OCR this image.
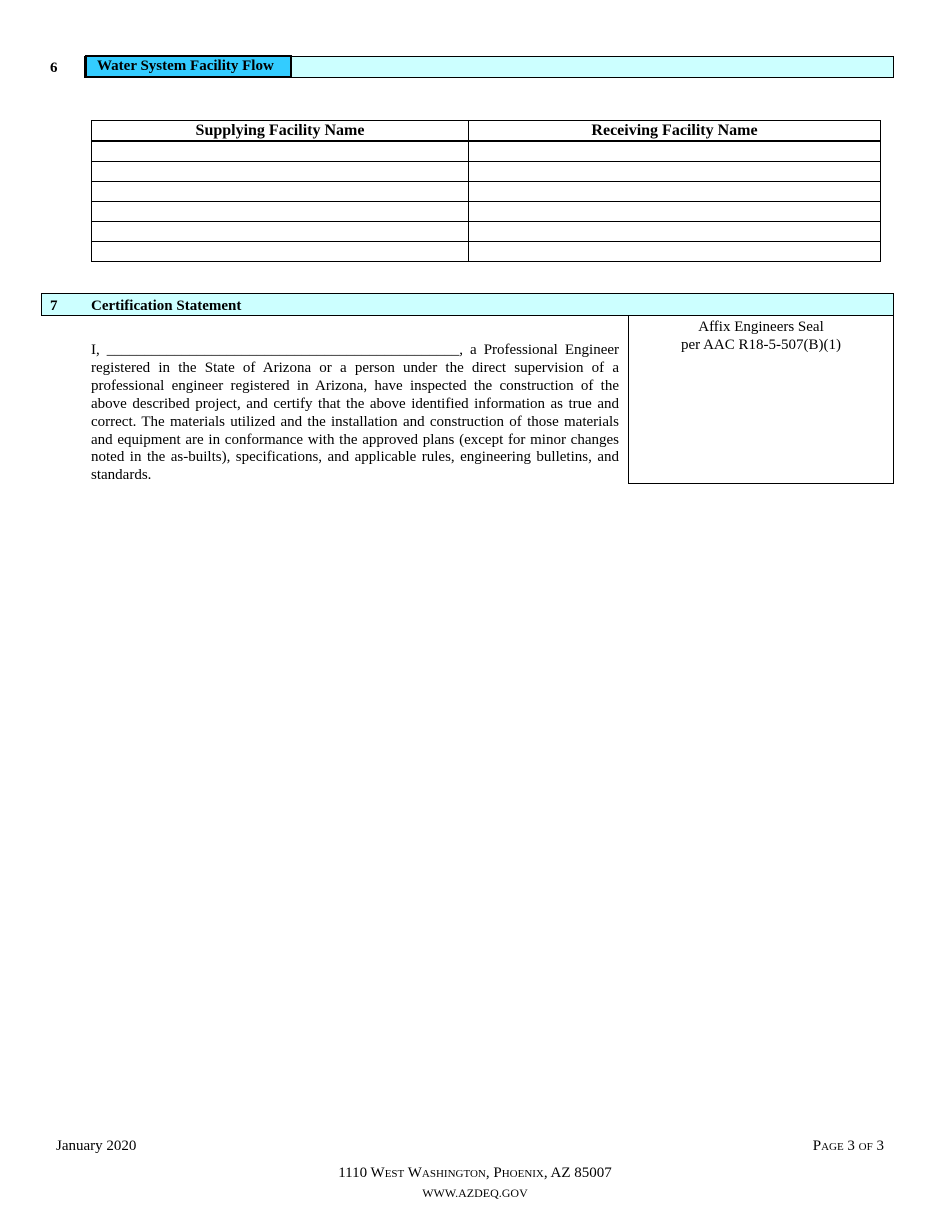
6	Water System Facility Flow
Supplying Facility Name	Receiving Facility Name

7 Certification Statement
I, _______________________________________________, a Professional Engineer registered in the State of Arizona or a person under the direct supervision of a professional engineer registered in Arizona, have inspected the construction of the above described project, and certify that the above identified information as true and correct. The materials utilized and the installation and construction of those materials and equipment are in conformance with the approved plans (except for minor changes noted in the as-builts), specifications, and applicable rules, engineering bulletins, and standards.
Affix Engineers Seal
per AAC R18-5-507(B)(1)
January 2020	Page 3 of 3
1110 West Washington, Phoenix, AZ 85007
WWW.AZDEQ.GOV
